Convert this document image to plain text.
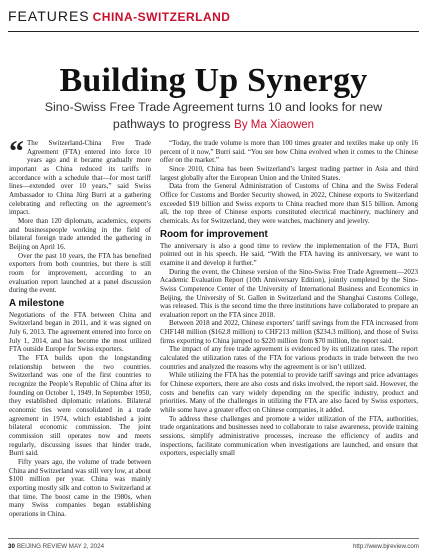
FEATURES CHINA-SWITZERLAND
Building Up Synergy
Sino-Swiss Free Trade Agreement turns 10 and looks for new pathways to progress By Ma Xiaowen

“ The Switzerland-China Free Trade Agreement (FTA) entered into force 10 years ago and it became gradually more important as China reduced its tariffs in accordance with a schedule that—for most tariff lines—extended over 10 years,” said Swiss Ambassador to China Jürg Burri at a gathering celebrating and reflecting on the agreement’s impact.

More than 120 diplomats, academics, experts and businesspeople working in the field of bilateral foreign trade attended the gathering in Beijing on April 16.

Over the past 10 years, the FTA has benefited exporters from both countries, but there is still room for improvement, according to an evaluation report launched at a panel discussion during the event.

A milestone

Negotiations of the FTA between China and Switzerland began in 2011, and it was signed on July 6, 2013. The agreement entered into force on July 1, 2014, and has become the most utilized FTA outside Europe for Swiss exporters.

The FTA builds upon the longstanding relationship between the two countries. Switzerland was one of the first countries to recognize the People’s Republic of China after its founding on October 1, 1949. In September 1950, they established diplomatic relations. Bilateral economic ties were consolidated in a trade agreement in 1974, which established a joint bilateral economic commission. The joint commission still operates now and meets regularly, discussing issues that hinder trade, Burri said.

Fifty years ago, the volume of trade between China and Switzerland was still very low, at about $100 million per year. China was mainly exporting mostly silk and cotton to Switzerland at that time. The boost came in the 1980s, when many Swiss companies began establishing operations in China.

“Today, the trade volume is more than 100 times greater and textiles make up only 16 percent of it now,” Burri said. “You see how China evolved when it comes to the Chinese offer on the market.”

Since 2010, China has been Switzerland’s largest trading partner in Asia and third largest globally after the European Union and the United States.

Data from the General Administration of Customs of China and the Swiss Federal Office for Customs and Border Security showed, in 2022, Chinese exports to Switzerland exceeded $19 billion and Swiss exports to China reached more than $15 billion. Among all, the top three of Chinese exports constituted electrical machinery, machinery and chemicals. As for Switzerland, they were watches, machinery and jewelry.

Room for improvement

The anniversary is also a good time to review the implementation of the FTA, Burri pointed out in his speech. He said, “With the FTA having its anniversary, we want to examine it and develop it further.”

During the event, the Chinese version of the Sino-Swiss Free Trade Agreement—2023 Academic Evaluation Report (10th Anniversary Edition), jointly completed by the Sino-Swiss Competence Center of the University of International Business and Economics in Beijing, the University of St. Gallen in Switzerland and the Shanghai Customs College, was released. This is the second time the three institutions have collaborated to prepare an evaluation report on the FTA since 2018.

Between 2018 and 2022, Chinese exporters’ tariff savings from the FTA increased from CHF148 million ($162.8 million) to CHF213 million ($234.3 million), and those of Swiss firms exporting to China jumped to $220 million from $70 million, the report said.

The impact of any free trade agreement is evidenced by its utilization rates. The report calculated the utilization rates of the FTA for various products in trade between the two countries and analyzed the reasons why the agreement is or isn’t utilized.

While utilizing the FTA has the potential to provide tariff savings and price advantages for Chinese exporters, there are also costs and risks involved, the report said. However, the costs and benefits can vary widely depending on the specific industry, product and priorities. Many of the challenges in utilizing the FTA are also faced by Swiss exporters, while some have a greater effect on Chinese companies, it added.

To address these challenges and promote a wider utilization of the FTA, authorities, trade organizations and businesses need to collaborate to raise awareness, provide training sessions, simplify administrative processes, increase the efficiency of audits and inspections, facilitate communication when investigations are launched, and ensure that exporters, especially small

30 BEIJING REVIEW MAY 2, 2024	http://www.bjreview.com
